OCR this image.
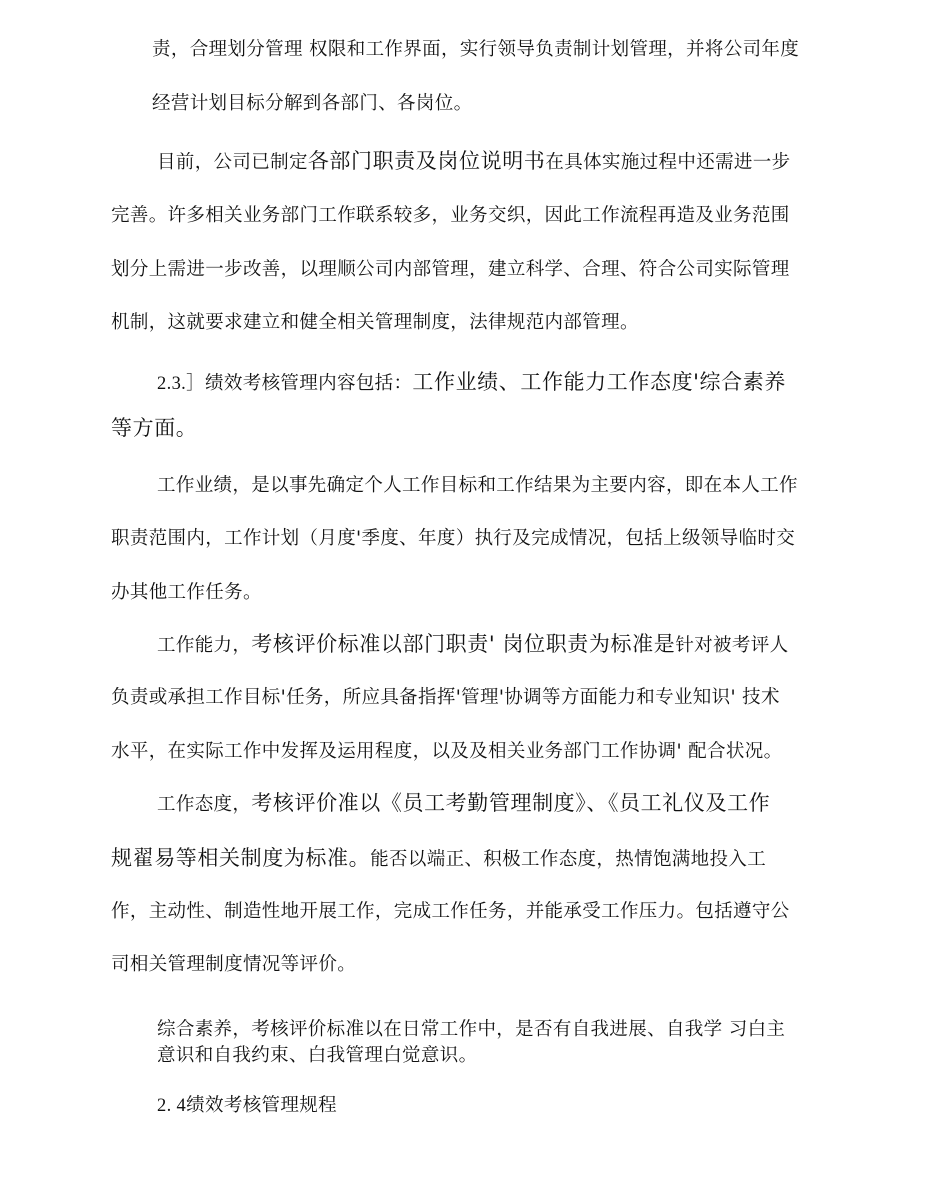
责，合理划分管理 权限和工作界面，实行领导负责制计划管理，并将公司年度
经营计划目标分解到各部门、各岗位。
目前，公司已制定各部门职责及岗位说明书在具体实施过程中还需进一步
完善。许多相关业务部门工作联系较多，业务交织，因此工作流程再造及业务范围
划分上需进一步改善，以理顺公司内部管理，建立科学、合理、符合公司实际管理
机制，这就要求建立和健全相关管理制度，法律规范内部管理。
2.3.］绩效考核管理内容包括：工作业绩、工作能力工作态度'综合素养
等方面。
工作业绩，是以事先确定个人工作目标和工作结果为主要内容，即在本人工作
职责范围内，工作计划（月度'季度、年度）执行及完成情况，包括上级领导临时交
办其他工作任务。
工作能力，考核评价标准以部门职责' 岗位职责为标准是针对被考评人
负责或承担工作目标'任务，所应具备指挥'管理'协调等方面能力和专业知识' 技术
水平，在实际工作中发挥及运用程度，以及及相关业务部门工作协调' 配合状况。
工作态度，考核评价准以《员工考勤管理制度》、《员工礼仪及工作
规翟易等相关制度为标准。能否以端正、积极工作态度，热情饱满地投入工
作，主动性、制造性地开展工作，完成工作任务，并能承受工作压力。包括遵守公
司相关管理制度情况等评价。
综合素养，考核评价标准以在日常工作中，是否有自我进展、自我学 习白主
意识和自我约束、白我管理白觉意识。
2. 4绩效考核管理规程
